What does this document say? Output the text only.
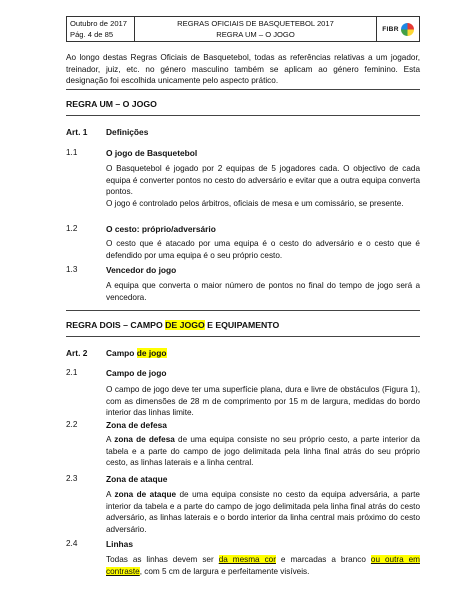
Outubro de 2017
Pág. 4 de 85
REGRAS OFICIAIS DE BASQUETEBOL 2017
REGRA UM – O JOGO
FIBR
Ao longo destas Regras Oficiais de Basquetebol, todas as referências relativas a um jogador, treinador, juiz, etc. no género masculino também se aplicam ao género feminino. Esta designação foi escolhida unicamente pelo aspecto prático.
REGRA UM – O JOGO
Art. 1 Definições
1.1	O jogo de Basquetebol
O Basquetebol é jogado por 2 equipas de 5 jogadores cada. O objectivo de cada equipa é converter pontos no cesto do adversário e evitar que a outra equipa converta pontos.
O jogo é controlado pelos árbitros, oficiais de mesa e um comissário, se presente.
1.2	O cesto: próprio/adversário
O cesto que é atacado por uma equipa é o cesto do adversário e o cesto que é defendido por uma equipa é o seu próprio cesto.
1.3	Vencedor do jogo
A equipa que converta o maior número de pontos no final do tempo de jogo será a vencedora.
REGRA DOIS – CAMPO DE JOGO E EQUIPAMENTO
Art. 2 Campo de jogo
2.1	Campo de jogo
O campo de jogo deve ter uma superfície plana, dura e livre de obstáculos (Figura 1), com as dimensões de 28 m de comprimento por 15 m de largura, medidas do bordo interior das linhas limite.
2.2	Zona de defesa
A zona de defesa de uma equipa consiste no seu próprio cesto, a parte interior da tabela e a parte do campo de jogo delimitada pela linha final atrás do seu próprio cesto, as linhas laterais e a linha central.
2.3	Zona de ataque
A zona de ataque de uma equipa consiste no cesto da equipa adversária, a parte interior da tabela e a parte do campo de jogo delimitada pela linha final atrás do cesto adversário, as linhas laterais e o bordo interior da linha central mais próximo do cesto adversário.
2.4	Linhas
Todas as linhas devem ser da mesma cor e marcadas a branco ou outra em contraste, com 5 cm de largura e perfeitamente visíveis.
